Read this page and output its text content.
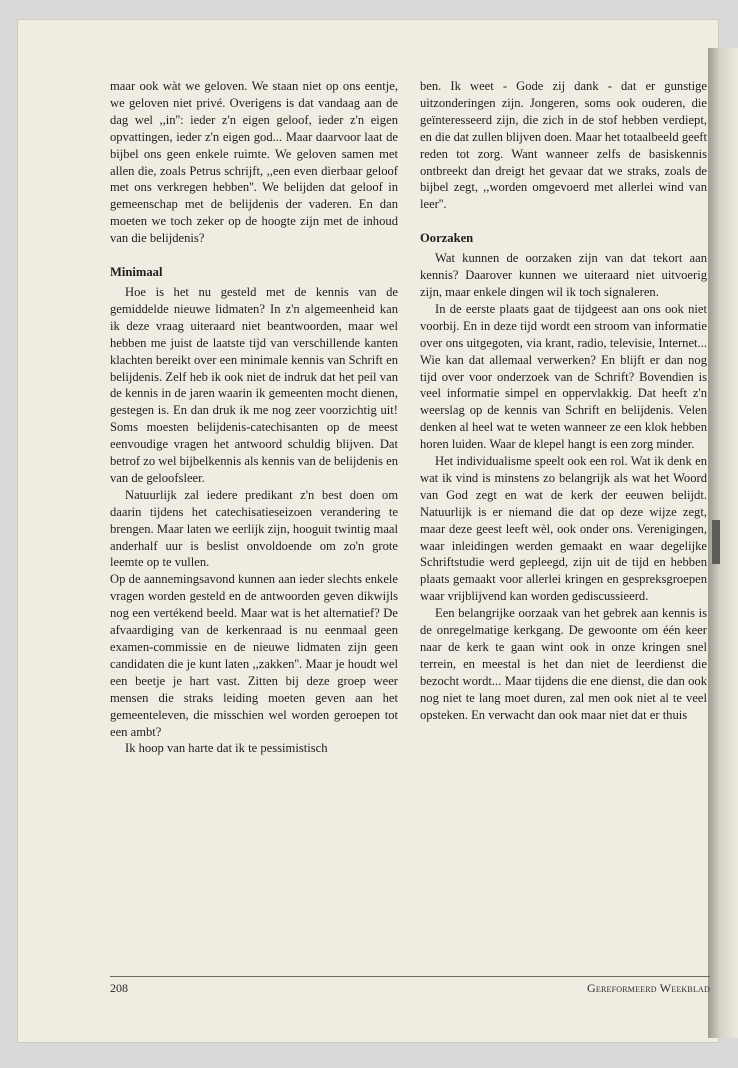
maar ook wàt we geloven. We staan niet op ons eentje, we geloven niet privé. Overigens is dat vandaag aan de dag wel ,,in'': ieder z'n eigen geloof, ieder z'n eigen opvattingen, ieder z'n eigen god... Maar daarvoor laat de bijbel ons geen enkele ruimte. We geloven samen met allen die, zoals Petrus schrijft, ,,een even dierbaar geloof met ons verkregen hebben''. We belijden dat geloof in gemeenschap met de belijdenis der vaderen. En dan moeten we toch zeker op de hoogte zijn met de inhoud van die belijdenis?

Minimaal

Hoe is het nu gesteld met de kennis van de gemiddelde nieuwe lidmaten? In z'n algemeenheid kan ik deze vraag uiteraard niet beantwoorden, maar wel hebben me juist de laatste tijd van verschillende kanten klachten bereikt over een minimale kennis van Schrift en belijdenis. Zelf heb ik ook niet de indruk dat het peil van de kennis in de jaren waarin ik gemeenten mocht dienen, gestegen is. En dan druk ik me nog zeer voorzichtig uit! Soms moesten belijdenis-catechisanten op de meest eenvoudige vragen het antwoord schuldig blijven. Dat betrof zo wel bijbelkennis als kennis van de belijdenis en van de geloofsleer.

Natuurlijk zal iedere predikant z'n best doen om daarin tijdens het catechisatieseizoen verandering te brengen. Maar laten we eerlijk zijn, hooguit twintig maal anderhalf uur is beslist onvoldoende om zo'n grote leemte op te vullen.

Op de aannemingsavond kunnen aan ieder slechts enkele vragen worden gesteld en de antwoorden geven dikwijls nog een vertékend beeld. Maar wat is het alternatief? De afvaardiging van de kerkenraad is nu eenmaal geen examen-commissie en de nieuwe lidmaten zijn geen candidaten die je kunt laten ,,zakken''. Maar je houdt wel een beetje je hart vast. Zitten bij deze groep weer mensen die straks leiding moeten geven aan het gemeenteleven, die misschien wel worden geroepen tot een ambt?

Ik hoop van harte dat ik te pessimistisch

ben. Ik weet - Gode zij dank - dat er gunstige uitzonderingen zijn. Jongeren, soms ook ouderen, die geïnteresseerd zijn, die zich in de stof hebben verdiept, en die dat zullen blijven doen. Maar het totaalbeeld geeft reden tot zorg. Want wanneer zelfs de basiskennis ontbreekt dan dreigt het gevaar dat we straks, zoals de bijbel zegt, ,,worden omgevoerd met allerlei wind van leer''.

Oorzaken

Wat kunnen de oorzaken zijn van dat tekort aan kennis? Daarover kunnen we uiteraard niet uitvoerig zijn, maar enkele dingen wil ik toch signaleren.

In de eerste plaats gaat de tijdgeest aan ons ook niet voorbij. En in deze tijd wordt een stroom van informatie over ons uitgegoten, via krant, radio, televisie, Internet... Wie kan dat allemaal verwerken? En blijft er dan nog tijd over voor onderzoek van de Schrift? Bovendien is veel informatie simpel en oppervlakkig. Dat heeft z'n weerslag op de kennis van Schrift en belijdenis. Velen denken al heel wat te weten wanneer ze een klok hebben horen luiden. Waar de klepel hangt is een zorg minder.

Het individualisme speelt ook een rol. Wat ik denk en wat ik vind is minstens zo belangrijk als wat het Woord van God zegt en wat de kerk der eeuwen belijdt. Natuurlijk is er niemand die dat op deze wijze zegt, maar deze geest leeft wèl, ook onder ons. Verenigingen, waar inleidingen werden gemaakt en waar degelijke Schriftstudie werd gepleegd, zijn uit de tijd en hebben plaats gemaakt voor allerlei kringen en gespreksgroepen waar vrijblijvend kan worden gediscussieerd.

Een belangrijke oorzaak van het gebrek aan kennis is de onregelmatige kerkgang. De gewoonte om één keer naar de kerk te gaan wint ook in onze kringen snel terrein, en meestal is het dan niet de leerdienst die bezocht wordt... Maar tijdens die ene dienst, die dan ook nog niet te lang moet duren, zal men ook niet al te veel opsteken. En verwacht dan ook maar niet dat er thuis

208	Gereformeerd Weekblad
